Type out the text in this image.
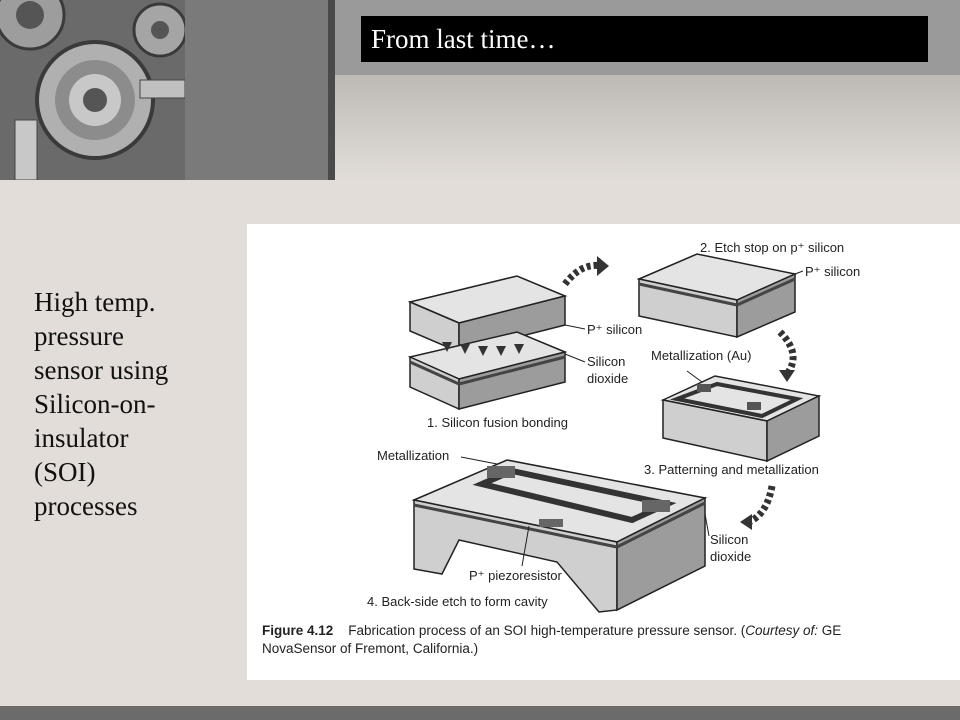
From last time…
High temp.
pressure
sensor using
Silicon-on-
insulator
(SOI)
processes
2. Etch stop on p⁺ silicon
P⁺ silicon
P⁺ silicon
Silicon
dioxide
Metallization (Au)
1. Silicon fusion bonding
Metallization
3. Patterning and metallization
Silicon
dioxide
P⁺ piezoresistor
4. Back-side etch to form cavity
Figure 4.12 Fabrication process of an SOI high-temperature pressure sensor. (Courtesy of: GE NovaSensor of Fremont, California.)
